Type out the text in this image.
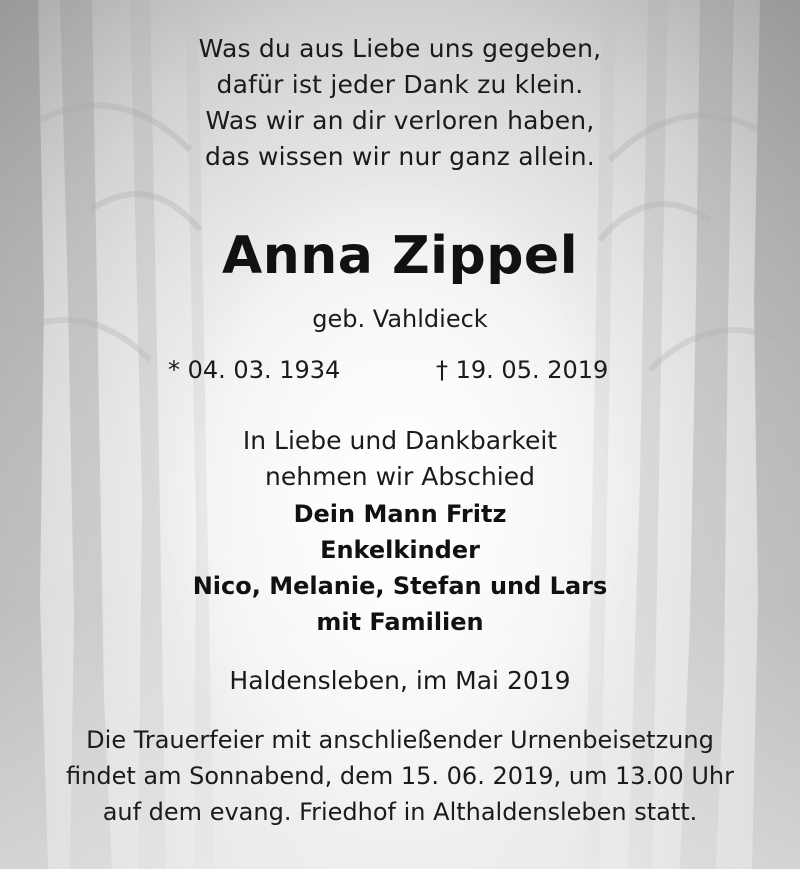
Was du aus Liebe uns gegeben,
dafür ist jeder Dank zu klein.
Was wir an dir verloren haben,
das wissen wir nur ganz allein.
Anna Zippel
geb. Vahldieck
* 04. 03. 1934	† 19. 05. 2019
In Liebe und Dankbarkeit
nehmen wir Abschied
Dein Mann Fritz
Enkelkinder
Nico, Melanie, Stefan und Lars
mit Familien
Haldensleben, im Mai 2019
Die Trauerfeier mit anschließender Urnenbeisetzung
findet am Sonnabend, dem 15. 06. 2019, um 13.00 Uhr
auf dem evang. Friedhof in Althaldensleben statt.
